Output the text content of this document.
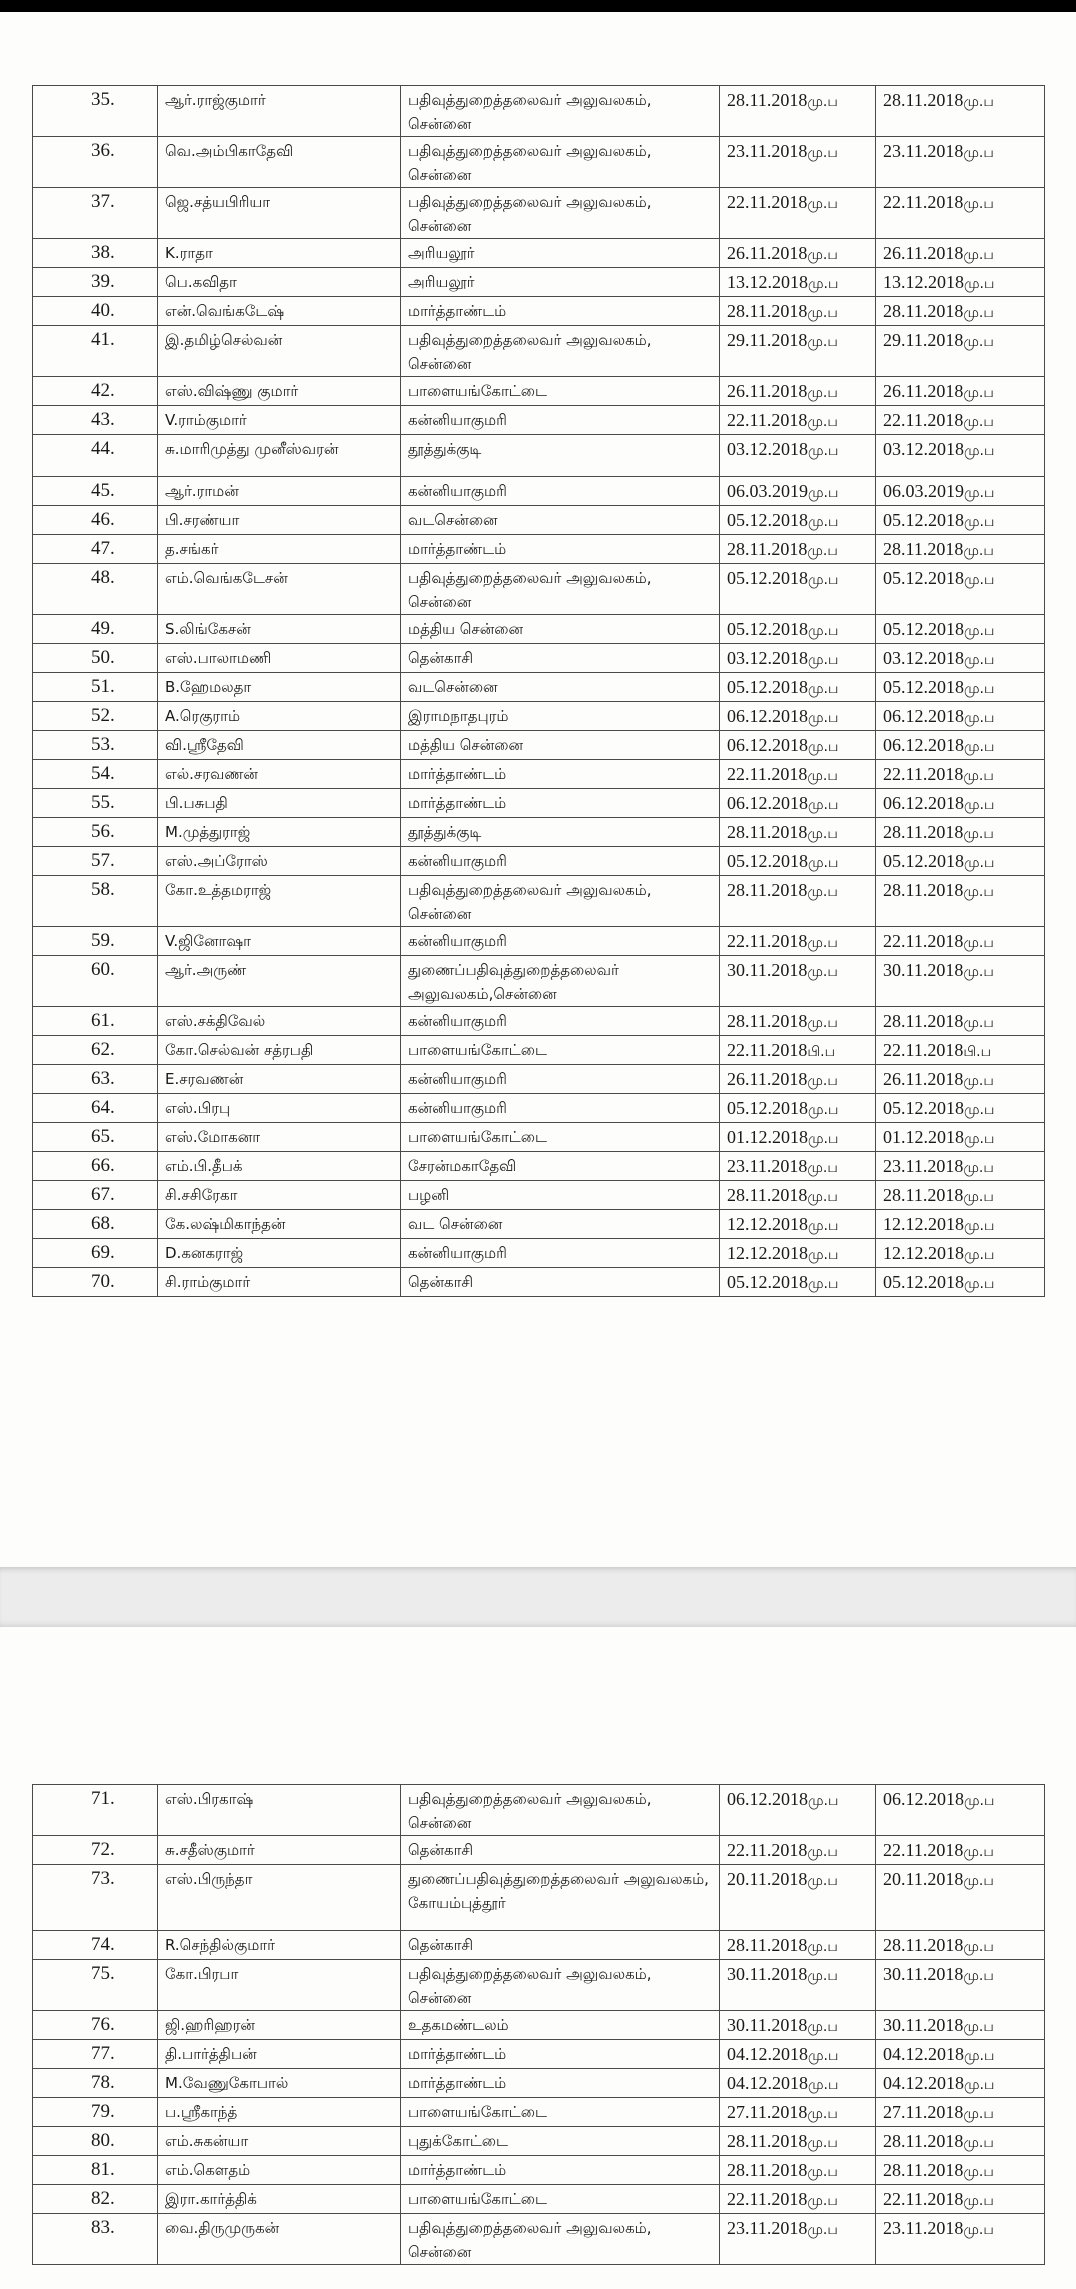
35.	ஆர்.ராஜ்குமார்	பதிவுத்துறைத்தலைவர் அலுவலகம், சென்னை	28.11.2018மு.ப	28.11.2018மு.ப
36.	வெ.அம்பிகாதேவி	பதிவுத்துறைத்தலைவர் அலுவலகம், சென்னை	23.11.2018மு.ப	23.11.2018மு.ப
37.	ஜெ.சத்யபிரியா	பதிவுத்துறைத்தலைவர் அலுவலகம், சென்னை	22.11.2018மு.ப	22.11.2018மு.ப
38.	K.ராதா	அரியலூர்	26.11.2018மு.ப	26.11.2018மு.ப
39.	பெ.கவிதா	அரியலூர்	13.12.2018மு.ப	13.12.2018மு.ப
40.	என்.வெங்கடேஷ்	மார்த்தாண்டம்	28.11.2018மு.ப	28.11.2018மு.ப
41.	இ.தமிழ்செல்வன்	பதிவுத்துறைத்தலைவர் அலுவலகம், சென்னை	29.11.2018மு.ப	29.11.2018மு.ப
42.	எஸ்.விஷ்ணு குமார்	பாளையங்கோட்டை	26.11.2018மு.ப	26.11.2018மு.ப
43.	V.ராம்குமார்	கன்னியாகுமரி	22.11.2018மு.ப	22.11.2018மு.ப
44.	சு.மாரிமுத்து முனீஸ்வரன்	தூத்துக்குடி	03.12.2018மு.ப	03.12.2018மு.ப
45.	ஆர்.ராமன்	கன்னியாகுமரி	06.03.2019மு.ப	06.03.2019மு.ப
46.	பி.சரண்யா	வடசென்னை	05.12.2018மு.ப	05.12.2018மு.ப
47.	த.சங்கர்	மார்த்தாண்டம்	28.11.2018மு.ப	28.11.2018மு.ப
48.	எம்.வெங்கடேசன்	பதிவுத்துறைத்தலைவர் அலுவலகம், சென்னை	05.12.2018மு.ப	05.12.2018மு.ப
49.	S.லிங்கேசன்	மத்திய சென்னை	05.12.2018மு.ப	05.12.2018மு.ப
50.	எஸ்.பாலாமணி	தென்காசி	03.12.2018மு.ப	03.12.2018மு.ப
51.	B.ஹேமலதா	வடசென்னை	05.12.2018மு.ப	05.12.2018மு.ப
52.	A.ரெகுராம்	இராமநாதபுரம்	06.12.2018மு.ப	06.12.2018மு.ப
53.	வி.ஸ்ரீதேவி	மத்திய சென்னை	06.12.2018மு.ப	06.12.2018மு.ப
54.	எல்.சரவணன்	மார்த்தாண்டம்	22.11.2018மு.ப	22.11.2018மு.ப
55.	பி.பசுபதி	மார்த்தாண்டம்	06.12.2018மு.ப	06.12.2018மு.ப
56.	M.முத்துராஜ்	தூத்துக்குடி	28.11.2018மு.ப	28.11.2018மு.ப
57.	எஸ்.அப்ரோஸ்	கன்னியாகுமரி	05.12.2018மு.ப	05.12.2018மு.ப
58.	கோ.உத்தமராஜ்	பதிவுத்துறைத்தலைவர் அலுவலகம், சென்னை	28.11.2018மு.ப	28.11.2018மு.ப
59.	V.ஜினோஷா	கன்னியாகுமரி	22.11.2018மு.ப	22.11.2018மு.ப
60.	ஆர்.அருண்	துணைப்பதிவுத்துறைத்தலைவர் அலுவலகம்,சென்னை	30.11.2018மு.ப	30.11.2018மு.ப
61.	எஸ்.சக்திவேல்	கன்னியாகுமரி	28.11.2018மு.ப	28.11.2018மு.ப
62.	கோ.செல்வன் சத்ரபதி	பாளையங்கோட்டை	22.11.2018பி.ப	22.11.2018பி.ப
63.	E.சரவணன்	கன்னியாகுமரி	26.11.2018மு.ப	26.11.2018மு.ப
64.	எஸ்.பிரபு	கன்னியாகுமரி	05.12.2018மு.ப	05.12.2018மு.ப
65.	எஸ்.மோகனா	பாளையங்கோட்டை	01.12.2018மு.ப	01.12.2018மு.ப
66.	எம்.பி.தீபக்	சேரன்மகாதேவி	23.11.2018மு.ப	23.11.2018மு.ப
67.	சி.சசிரேகா	பழனி	28.11.2018மு.ப	28.11.2018மு.ப
68.	கே.லஷ்மிகாந்தன்	வட சென்னை	12.12.2018மு.ப	12.12.2018மு.ப
69.	D.கனகராஜ்	கன்னியாகுமரி	12.12.2018மு.ப	12.12.2018மு.ப
70.	சி.ராம்குமார்	தென்காசி	05.12.2018மு.ப	05.12.2018மு.ப
71.	எஸ்.பிரகாஷ்	பதிவுத்துறைத்தலைவர் அலுவலகம், சென்னை	06.12.2018மு.ப	06.12.2018மு.ப
72.	சு.சதீஸ்குமார்	தென்காசி	22.11.2018மு.ப	22.11.2018மு.ப
73.	எஸ்.பிருந்தா	துணைப்பதிவுத்துறைத்தலைவர் அலுவலகம், கோயம்புத்தூர்	20.11.2018மு.ப	20.11.2018மு.ப
74.	R.செந்தில்குமார்	தென்காசி	28.11.2018மு.ப	28.11.2018மு.ப
75.	கோ.பிரபா	பதிவுத்துறைத்தலைவர் அலுவலகம், சென்னை	30.11.2018மு.ப	30.11.2018மு.ப
76.	ஜி.ஹரிஹரன்	உதகமண்டலம்	30.11.2018மு.ப	30.11.2018மு.ப
77.	தி.பார்த்திபன்	மார்த்தாண்டம்	04.12.2018மு.ப	04.12.2018மு.ப
78.	M.வேணுகோபால்	மார்த்தாண்டம்	04.12.2018மு.ப	04.12.2018மு.ப
79.	ப.ஸ்ரீகாந்த்	பாளையங்கோட்டை	27.11.2018மு.ப	27.11.2018மு.ப
80.	எம்.சுகன்யா	புதுக்கோட்டை	28.11.2018மு.ப	28.11.2018மு.ப
81.	எம்.கௌதம்	மார்த்தாண்டம்	28.11.2018மு.ப	28.11.2018மு.ப
82.	இரா.கார்த்திக்	பாளையங்கோட்டை	22.11.2018மு.ப	22.11.2018மு.ப
83.	வை.திருமுருகன்	பதிவுத்துறைத்தலைவர் அலுவலகம், சென்னை	23.11.2018மு.ப	23.11.2018மு.ப
